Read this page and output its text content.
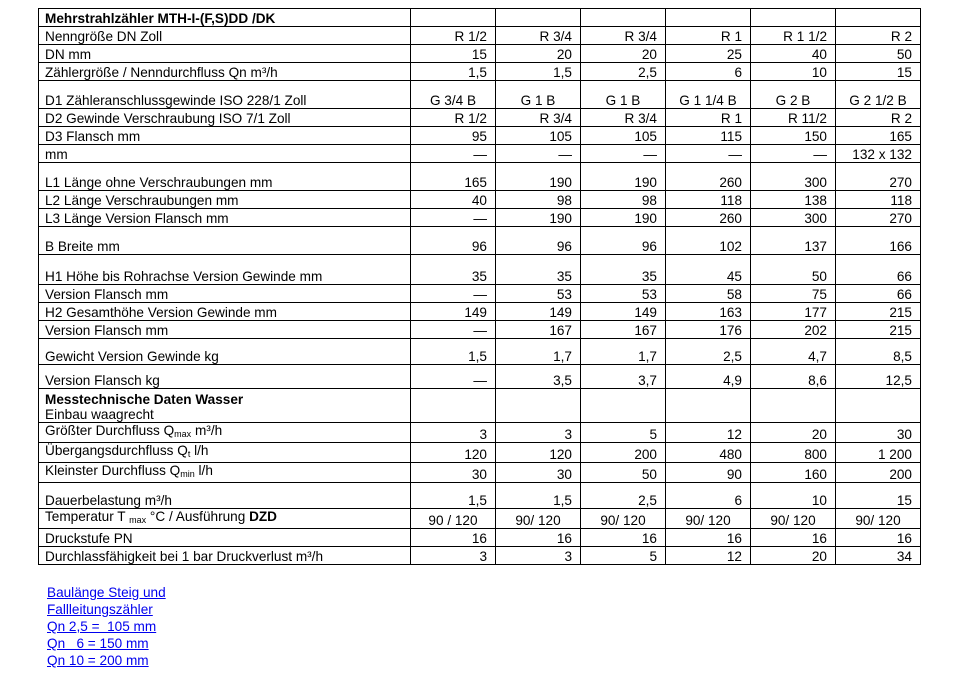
Mehrstrahlzähler MTH-I-(F,S)DD /DK						
Nenngröße DN Zoll	R 1/2	R 3/4	R 3/4	R 1	R 1 1/2	R 2
DN mm	15	20	20	25	40	50
Zählergröße / Nenndurchfluss Qn m³/h	1,5	1,5	2,5	6	10	15
D1 Zähleranschlussgewinde ISO 228/1 Zoll	G 3/4 B	G 1 B	G 1 B	G 1 1/4 B	G 2 B	G 2 1/2 B
D2 Gewinde Verschraubung ISO 7/1 Zoll	R 1/2	R 3/4	R 3/4	R 1	R 11/2	R 2
D3 Flansch mm	95	105	105	115	150	165
mm	—	—	—	—	—	132 x 132
L1 Länge ohne Verschraubungen mm	165	190	190	260	300	270
L2 Länge Verschraubungen mm	40	98	98	118	138	118
L3 Länge Version Flansch mm	—	190	190	260	300	270
B Breite mm	96	96	96	102	137	166
H1 Höhe bis Rohrachse Version Gewinde mm	35	35	35	45	50	66
Version Flansch mm	—	53	53	58	75	66
H2 Gesamthöhe Version Gewinde mm	149	149	149	163	177	215
Version Flansch mm	—	167	167	176	202	215
Gewicht Version Gewinde kg	1,5	1,7	1,7	2,5	4,7	8,5
Version Flansch kg	—	3,5	3,7	4,9	8,6	12,5

Messtechnische Daten Wasser
Einbau waagrecht						

Größter Durchfluss $Q_{max}$ m³/h	3	3	5	12	20	30
Übergangsdurchfluss $Q_t$ l/h	120	120	200	480	800	1 200
Kleinster Durchfluss $Q_{min}$ l/h	30	30	50	90	160	200
Dauerbelastung m³/h	1,5	1,5	2,5	6	10	15
Temperatur T $_{max}$ °C / Ausführung DZD	90 / 120	90/ 120	90/ 120	90/ 120	90/ 120	90/ 120
Druckstufe PN	16	16	16	16	16	16
Durchlassfähigkeit bei 1 bar Druckverlust m³/h	3	3	5	12	20	34
Baulänge Steig und
Fallleitungszähler
Qn 2,5 =  105 mm
Qn   6 = 150 mm
Qn 10 = 200 mm
